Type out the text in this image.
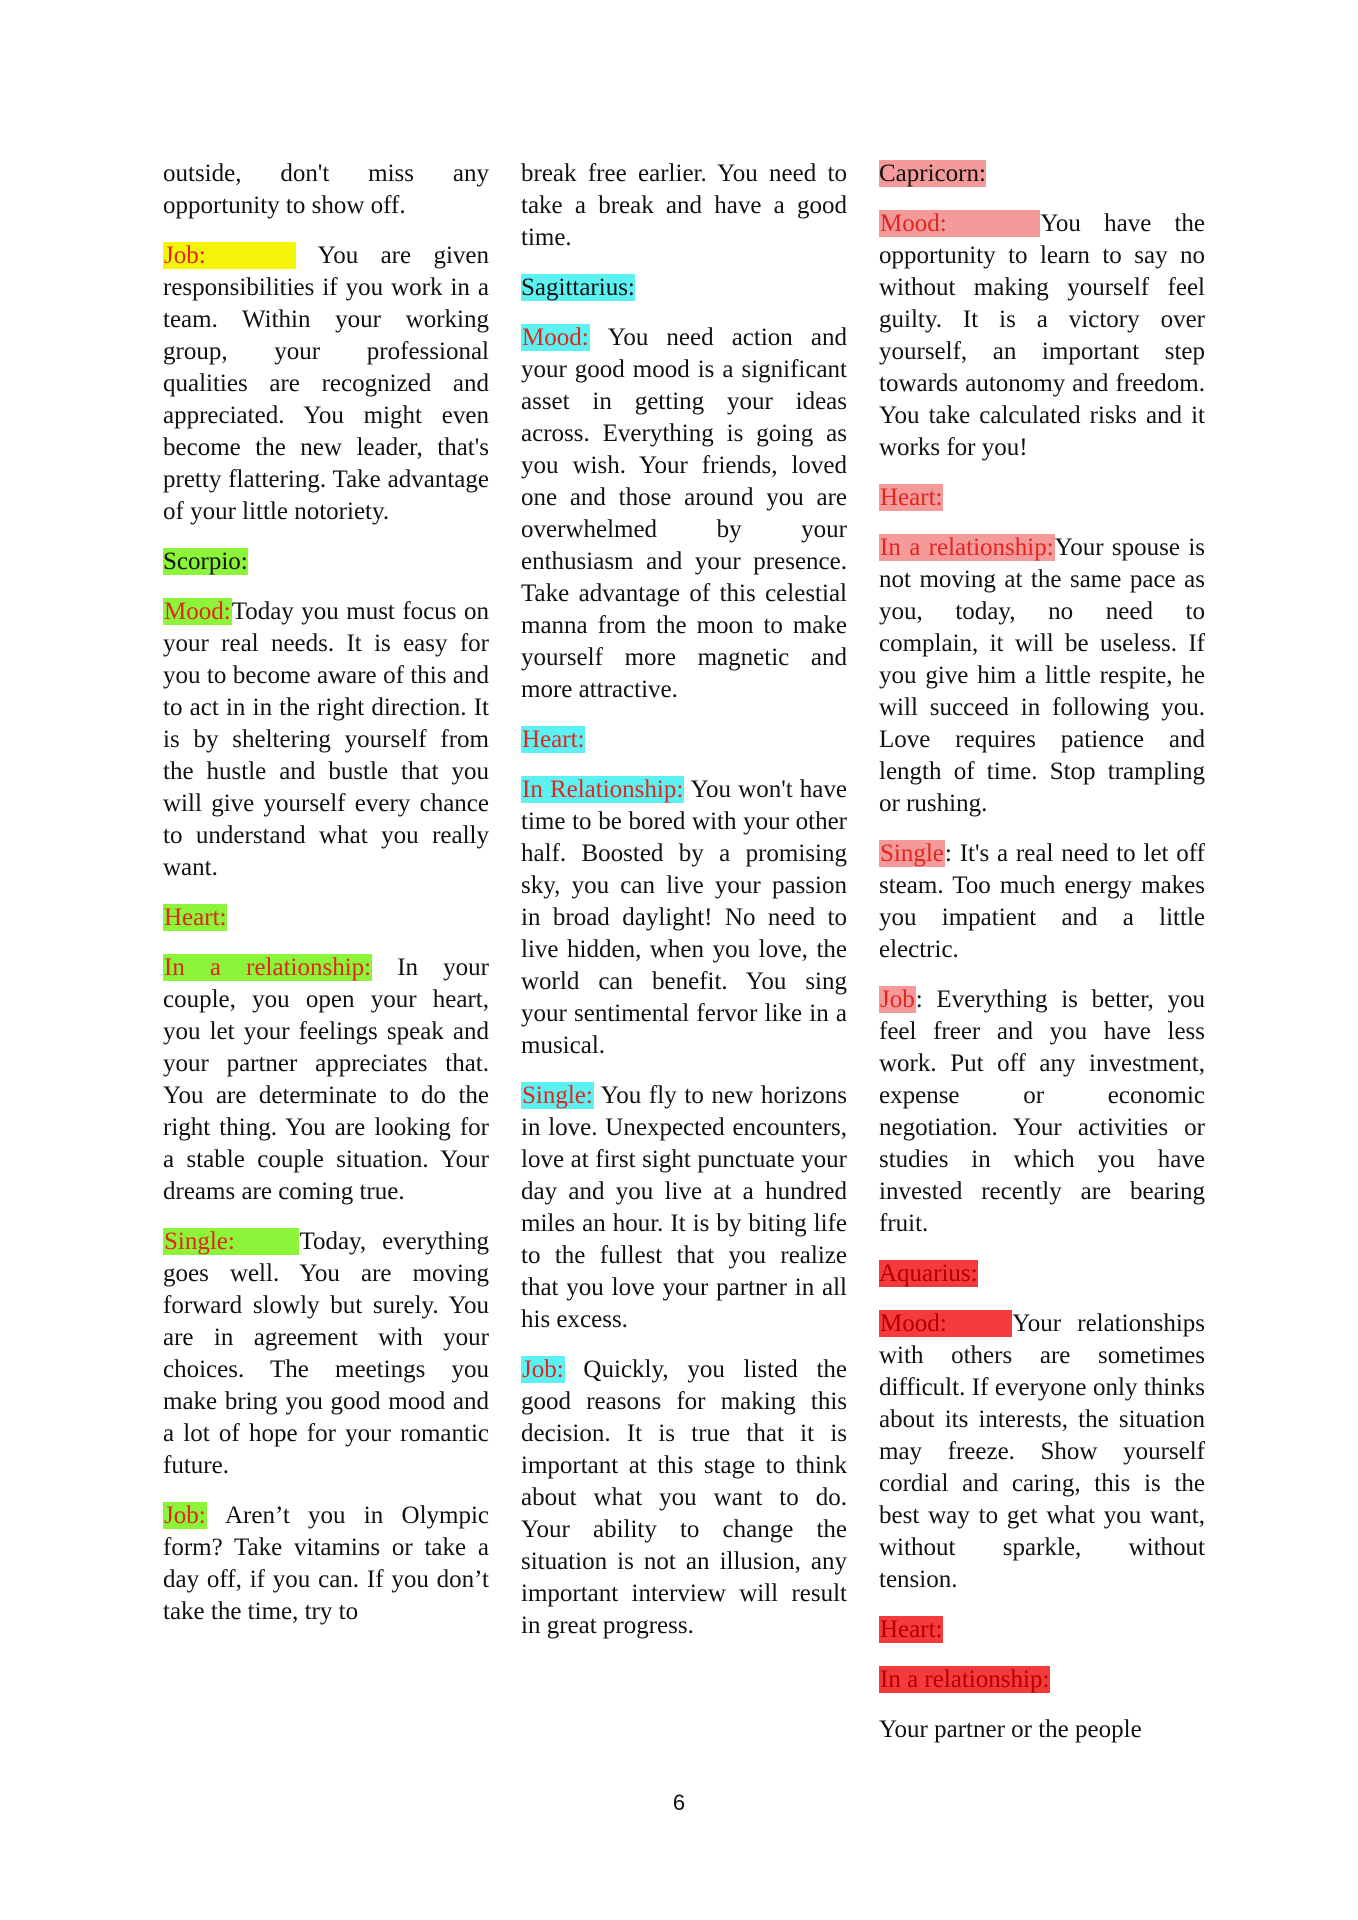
outside, don't miss any opportunity to show off.

Job:	You are given responsibilities if you work in a team. Within your working group, your professional qualities are recognized and appreciated. You might even become the new leader, that's pretty flattering. Take advantage of your little notoriety.

Scorpio:

Mood:Today you must focus on your real needs. It is easy for you to become aware of this and to act in in the right direction. It is by sheltering yourself from the hustle and bustle that you will give yourself every chance to understand what you really want.

Heart:

In a relationship: In your couple, you open your heart, you let your feelings speak and your partner appreciates that. You are determinate to do the right thing. You are looking for a stable couple situation. Your dreams are coming true.

Single:	Today, everything goes well. You are moving forward slowly but surely. You are in agreement with your choices. The meetings you make bring you good mood and a lot of hope for your romantic future.

Job: Aren’t you in Olympic form? Take vitamins or take a day off, if you can. If you don’t take the time, try to

break free earlier. You need to take a break and have a good time.

Sagittarius:

Mood: You need action and your good mood is a significant asset in getting your ideas across. Everything is going as you wish. Your friends, loved one and those around you are overwhelmed by your enthusiasm and your presence. Take advantage of this celestial manna from the moon to make yourself more magnetic and more attractive.

Heart:

In Relationship: You won't have time to be bored with your other half. Boosted by a promising sky, you can live your passion in broad daylight! No need to live hidden, when you love, the world can benefit. You sing your sentimental fervor like in a musical.

Single: You fly to new horizons in love. Unexpected encounters, love at first sight punctuate your day and you live at a hundred miles an hour. It is by biting life to the fullest that you realize that you love your partner in all his excess.

Job: Quickly, you listed the good reasons for making this decision. It is true that it is important at this stage to think about what you want to do. Your ability to change the situation is not an illusion, any important interview will result in great progress.

Capricorn:

Mood:	You have the opportunity to learn to say no without making yourself feel guilty. It is a victory over yourself, an important step towards autonomy and freedom. You take calculated risks and it works for you!

Heart:

In a relationship:Your spouse is not moving at the same pace as you, today, no need to complain, it will be useless. If you give him a little respite, he will succeed in following you. Love requires patience and length of time. Stop trampling or rushing.

Single: It's a real need to let off steam. Too much energy makes you impatient and a little electric.

Job: Everything is better, you feel freer and you have less work. Put off any investment, expense or economic negotiation. Your activities or studies in which you have invested recently are bearing fruit.

Aquarius:

Mood:	Your relationships with others are sometimes difficult. If everyone only thinks about its interests, the situation may freeze. Show yourself cordial and caring, this is the best way to get what you want, without sparkle, without tension.

Heart:

In a relationship:

Your partner or the people

6
